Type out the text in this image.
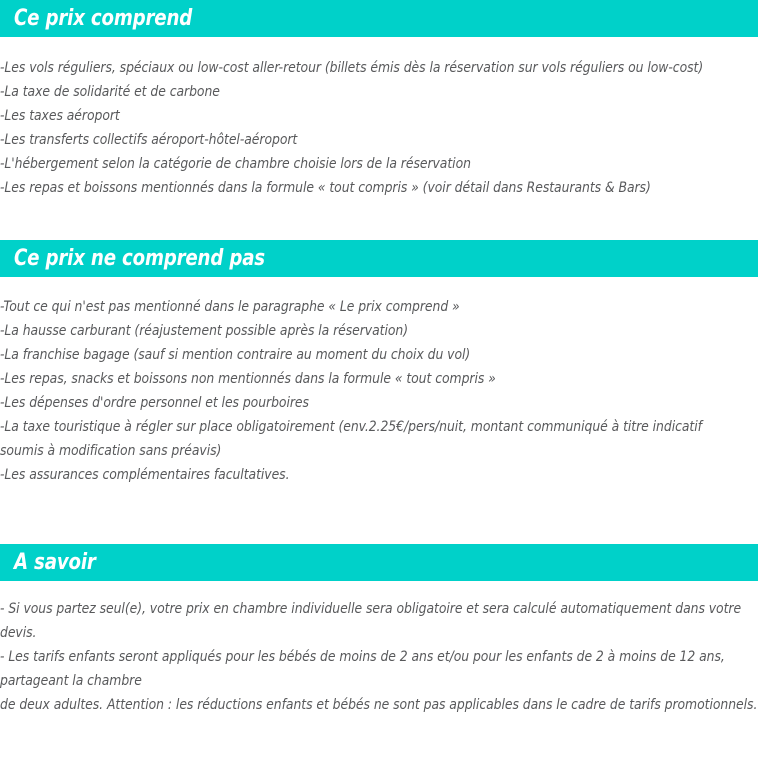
Ce prix comprend
-Les vols réguliers, spéciaux ou low-cost aller-retour (billets émis dès la réservation sur vols réguliers ou low-cost)
-La taxe de solidarité et de carbone
-Les taxes aéroport
-Les transferts collectifs aéroport-hôtel-aéroport
-L'hébergement selon la catégorie de chambre choisie lors de la réservation
-Les repas et boissons mentionnés dans la formule « tout compris » (voir détail dans Restaurants & Bars)
Ce prix ne comprend pas
-Tout ce qui n'est pas mentionné dans le paragraphe « Le prix comprend »
-La hausse carburant (réajustement possible après la réservation)
-La franchise bagage (sauf si mention contraire au moment du choix du vol)
-Les repas, snacks et boissons non mentionnés dans la formule « tout compris »
-Les dépenses d'ordre personnel et les pourboires
-La taxe touristique à régler sur place obligatoirement (env.2.25€/pers/nuit, montant communiqué à titre indicatif
soumis à modification sans préavis)
-Les assurances complémentaires facultatives.
A savoir
- Si vous partez seul(e), votre prix en chambre individuelle sera obligatoire et sera calculé automatiquement dans votre
devis.
- Les tarifs enfants seront appliqués pour les bébés de moins de 2 ans et/ou pour les enfants de 2 à moins de 12 ans,
partageant la chambre
de deux adultes. Attention : les réductions enfants et bébés ne sont pas applicables dans le cadre de tarifs promotionnels.
